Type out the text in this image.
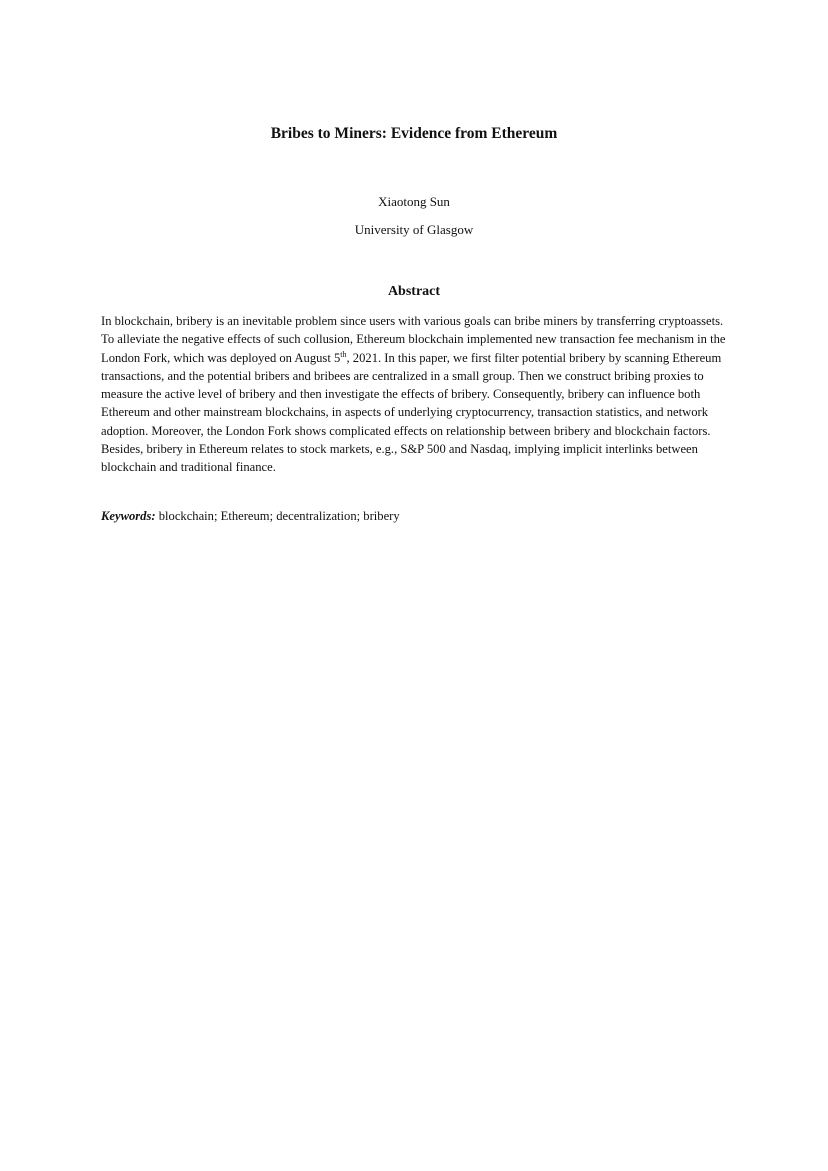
Bribes to Miners: Evidence from Ethereum
Xiaotong Sun
University of Glasgow
Abstract
In blockchain, bribery is an inevitable problem since users with various goals can bribe miners by transferring cryptoassets. To alleviate the negative effects of such collusion, Ethereum blockchain implemented new transaction fee mechanism in the London Fork, which was deployed on August 5th, 2021. In this paper, we first filter potential bribery by scanning Ethereum transactions, and the potential bribers and bribees are centralized in a small group. Then we construct bribing proxies to measure the active level of bribery and then investigate the effects of bribery. Consequently, bribery can influence both Ethereum and other mainstream blockchains, in aspects of underlying cryptocurrency, transaction statistics, and network adoption. Moreover, the London Fork shows complicated effects on relationship between bribery and blockchain factors. Besides, bribery in Ethereum relates to stock markets, e.g., S&P 500 and Nasdaq, implying implicit interlinks between blockchain and traditional finance.
Keywords: blockchain; Ethereum; decentralization; bribery
